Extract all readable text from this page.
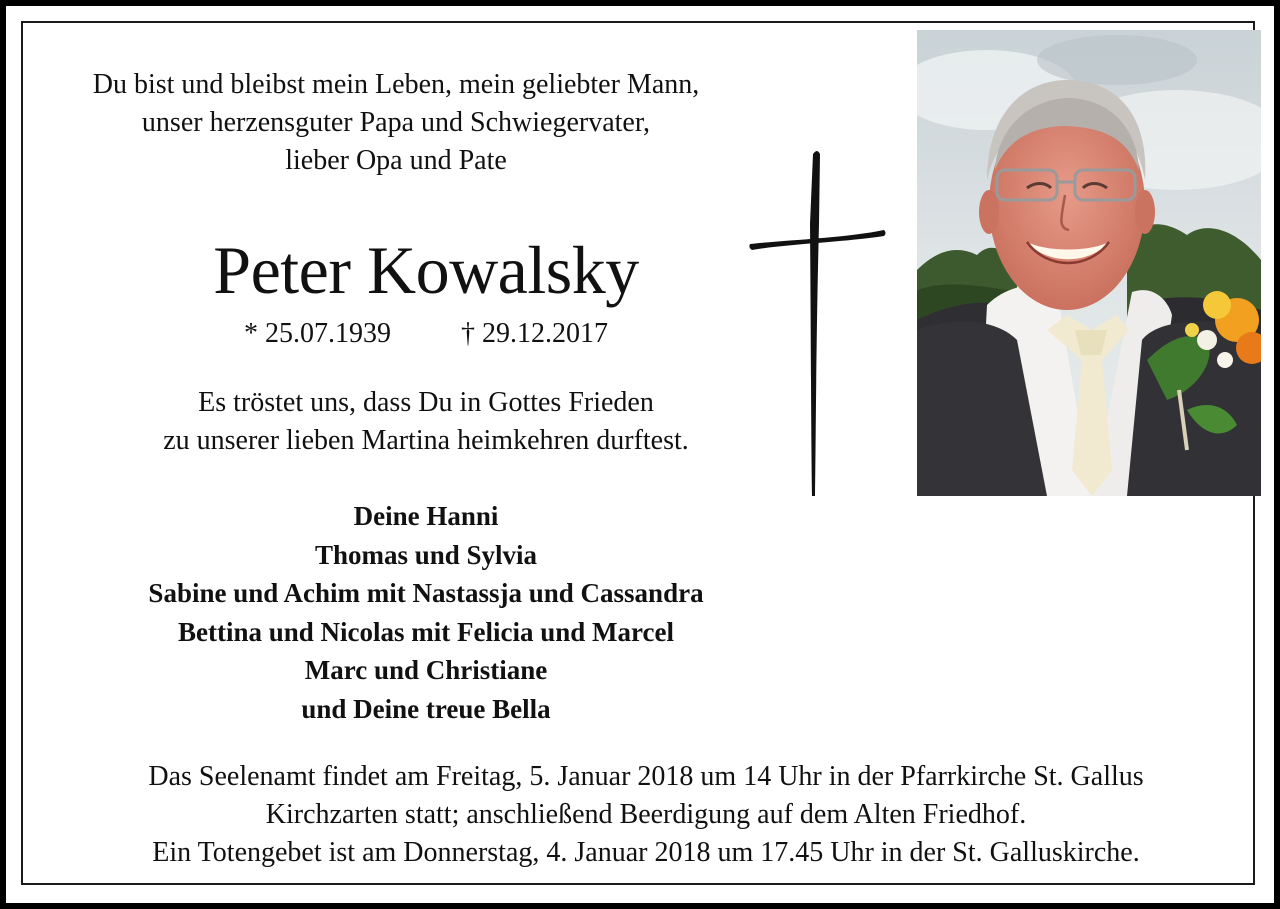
Du bist und bleibst mein Leben, mein geliebter Mann,
unser herzensguter Papa und Schwiegervater,
lieber Opa und Pate
Peter Kowalsky
* 25.07.1939	† 29.12.2017
Es tröstet uns, dass Du in Gottes Frieden
zu unserer lieben Martina heimkehren durftest.
Deine Hanni
Thomas und Sylvia
Sabine und Achim mit Nastassja und Cassandra
Bettina und Nicolas mit Felicia und Marcel
Marc und Christiane
und Deine treue Bella
Das Seelenamt findet am Freitag, 5. Januar 2018 um 14 Uhr in der Pfarrkirche St. Gallus
Kirchzarten statt; anschließend Beerdigung auf dem Alten Friedhof.
Ein Totengebet ist am Donnerstag, 4. Januar 2018 um 17.45 Uhr in der St. Galluskirche.
